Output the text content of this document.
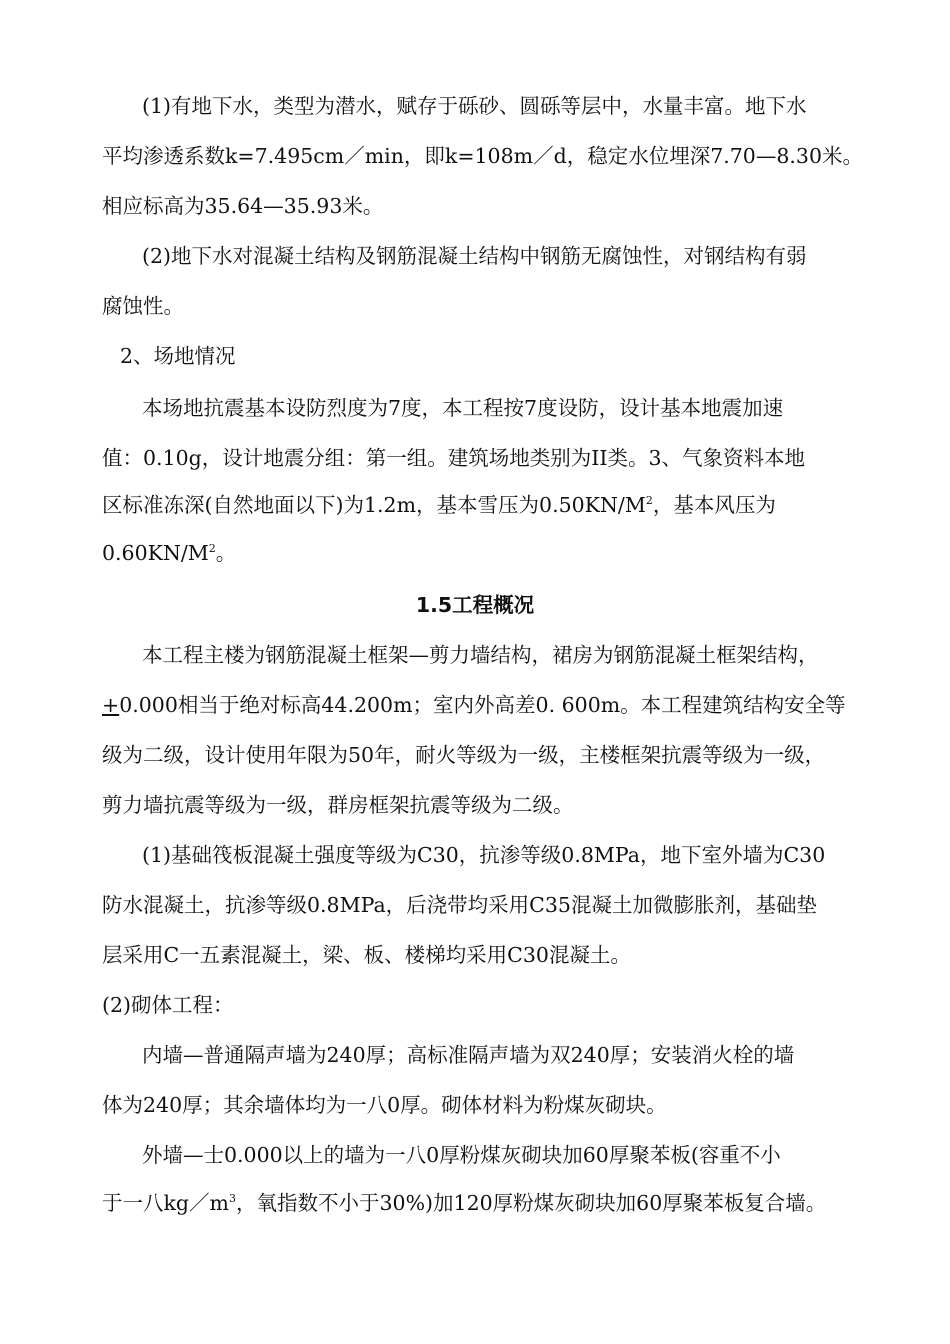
(1)有地下水，类型为潜水，赋存于砾砂、圆砾等层中，水量丰富。地下水
平均渗透系数k=7.495cm／min，即k=108m／d，稳定水位埋深7.70—8.30米。
相应标高为35.64—35.93米。
(2)地下水对混凝土结构及钢筋混凝土结构中钢筋无腐蚀性，对钢结构有弱
腐蚀性。
2、场地情况
本场地抗震基本设防烈度为7度，本工程按7度设防，设计基本地震加速
值：0.10g，设计地震分组：第一组。建筑场地类别为II类。3、气象资料本地
区标准冻深(自然地面以下)为1.2m，基本雪压为$0.50KN/M^2$，基本风压为
$0.60KN/M^2$。
1.5工程概况
本工程主楼为钢筋混凝土框架—剪力墙结构，裙房为钢筋混凝土框架结构，
+0.000相当于绝对标高44.200m；室内外高差0. 600m。本工程建筑结构安全等
级为二级，设计使用年限为50年，耐火等级为一级，主楼框架抗震等级为一级，
剪力墙抗震等级为一级，群房框架抗震等级为二级。
(1)基础筏板混凝土强度等级为C30，抗渗等级0.8MPa，地下室外墙为C30
防水混凝土，抗渗等级0.8MPa，后浇带均采用C35混凝土加微膨胀剂，基础垫
层采用C一五素混凝土，梁、板、楼梯均采用C30混凝土。
(2)砌体工程：
内墙—普通隔声墙为240厚；高标准隔声墙为双240厚；安装消火栓的墙
体为240厚；其余墙体均为一八0厚。砌体材料为粉煤灰砌块。
外墙—士0.000以上的墙为一八0厚粉煤灰砌块加60厚聚苯板(容重不小
于一八$kg/m^3$，氧指数不小于30%)加120厚粉煤灰砌块加60厚聚苯板复合墙。
